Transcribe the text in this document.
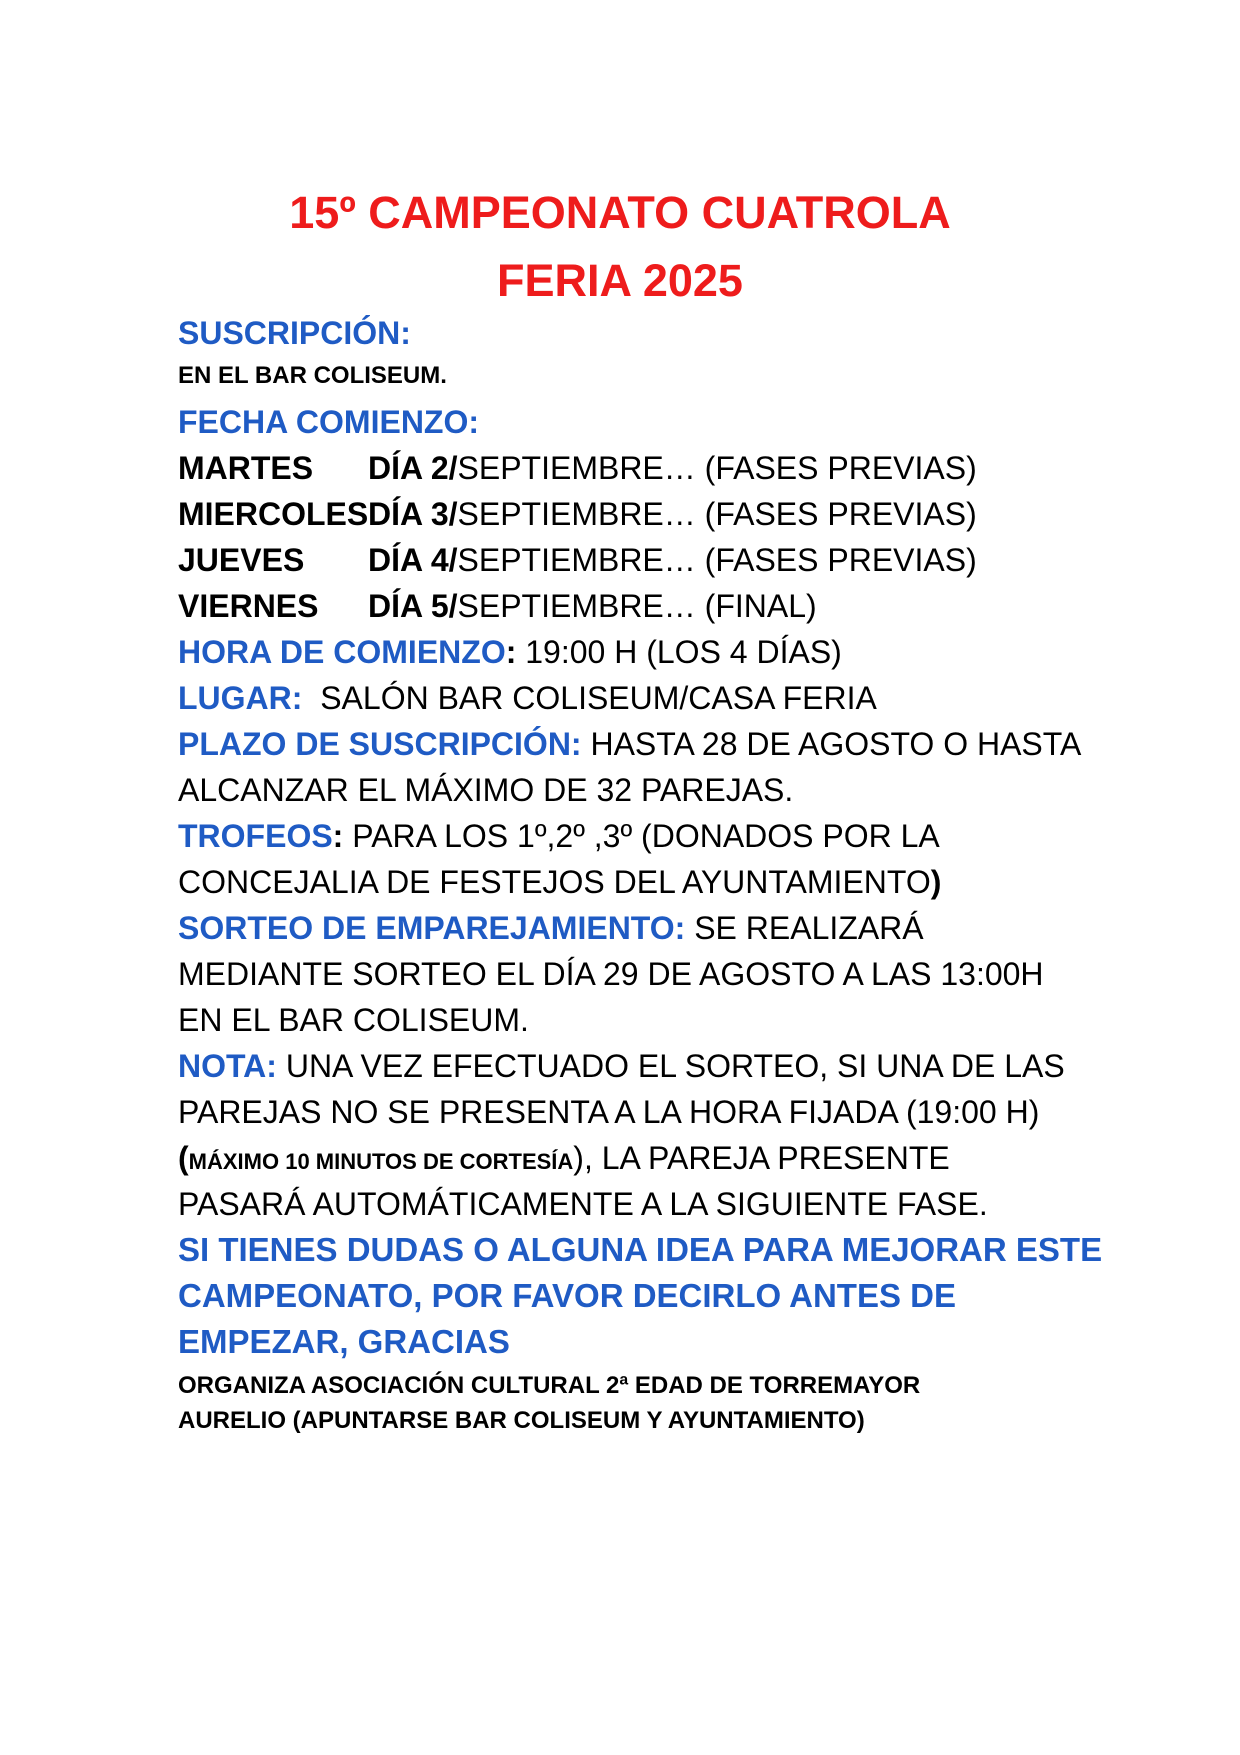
15º CAMPEONATO CUATROLA
FERIA 2025
SUSCRIPCIÓN:
EN EL BAR COLISEUM.
FECHA COMIENZO:
MARTES DÍA 2/SEPTIEMBRE… (FASES PREVIAS)
MIERCOLESDÍA 3/SEPTIEMBRE… (FASES PREVIAS)
JUEVES DÍA 4/SEPTIEMBRE… (FASES PREVIAS)
VIERNES DÍA 5/SEPTIEMBRE… (FINAL)
HORA DE COMIENZO: 19:00 H (LOS 4 DÍAS)
LUGAR:  SALÓN BAR COLISEUM/CASA FERIA
PLAZO DE SUSCRIPCIÓN: HASTA 28 DE AGOSTO O HASTA
ALCANZAR EL MÁXIMO DE 32 PAREJAS.
TROFEOS: PARA LOS 1º,2º ,3º (DONADOS POR LA
CONCEJALIA DE FESTEJOS DEL AYUNTAMIENTO)
SORTEO DE EMPAREJAMIENTO: SE REALIZARÁ
MEDIANTE SORTEO EL DÍA 29 DE AGOSTO A LAS 13:00H
EN EL BAR COLISEUM.
NOTA: UNA VEZ EFECTUADO EL SORTEO, SI UNA DE LAS
PAREJAS NO SE PRESENTA A LA HORA FIJADA (19:00 H)
(MÁXIMO 10 MINUTOS DE CORTESÍA), LA PAREJA PRESENTE
PASARÁ AUTOMÁTICAMENTE A LA SIGUIENTE FASE.
SI TIENES DUDAS O ALGUNA IDEA PARA MEJORAR ESTE
CAMPEONATO, POR FAVOR DECIRLO ANTES DE
EMPEZAR, GRACIAS
ORGANIZA ASOCIACIÓN CULTURAL 2ª EDAD DE TORREMAYOR
AURELIO (APUNTARSE BAR COLISEUM Y AYUNTAMIENTO)
